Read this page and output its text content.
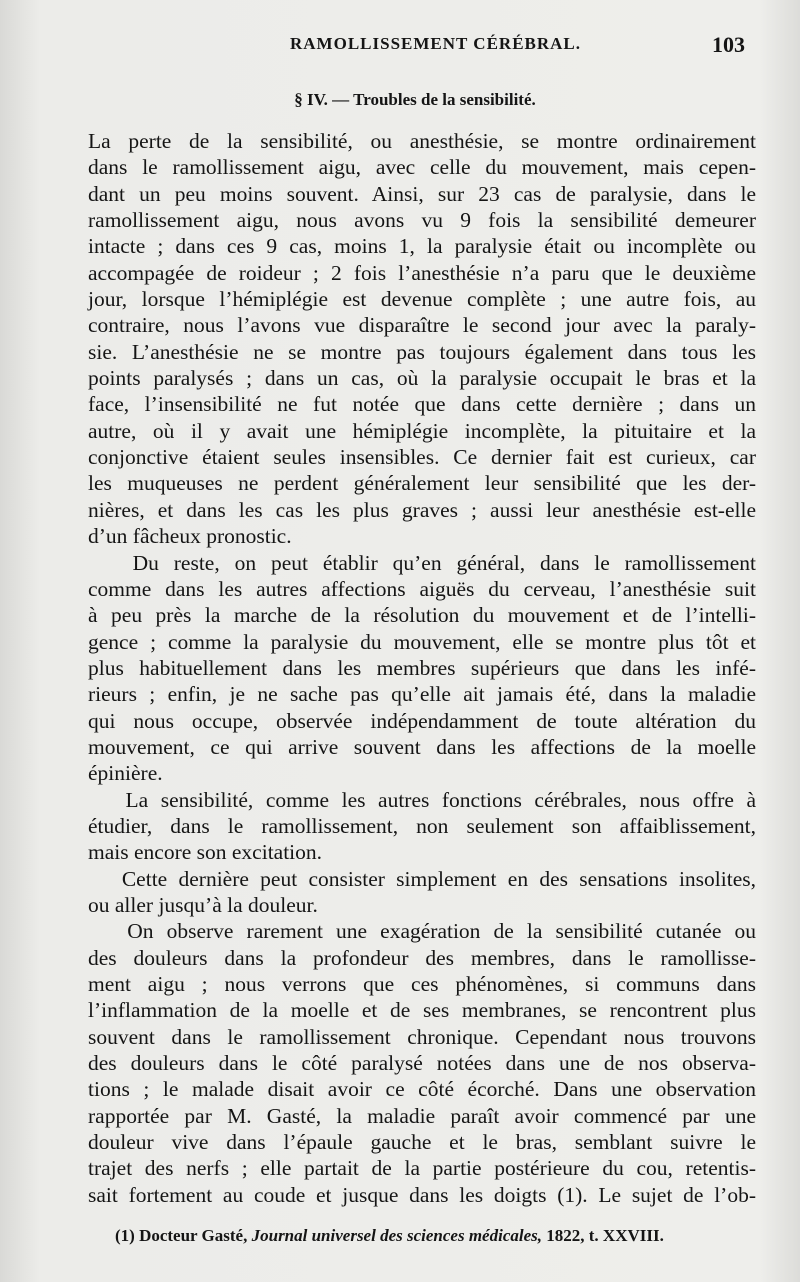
RAMOLLISSEMENT CÉRÉBRAL.	103
§ IV. — Troubles de la sensibilité.
La perte de la sensibilité, ou anesthésie, se montre ordinairement
dans le ramollissement aigu, avec celle du mouvement, mais cepen-
dant un peu moins souvent. Ainsi, sur 23 cas de paralysie, dans le
ramollissement aigu, nous avons vu 9 fois la sensibilité demeurer
intacte ; dans ces 9 cas, moins 1, la paralysie était ou incomplète ou
accompagée de roideur ; 2 fois l’anesthésie n’a paru que le deuxième
jour, lorsque l’hémiplégie est devenue complète ; une autre fois, au
contraire, nous l’avons vue disparaître le second jour avec la paraly-
sie. L’anesthésie ne se montre pas toujours également dans tous les
points paralysés ; dans un cas, où la paralysie occupait le bras et la
face, l’insensibilité ne fut notée que dans cette dernière ; dans un
autre, où il y avait une hémiplégie incomplète, la pituitaire et la
conjonctive étaient seules insensibles. Ce dernier fait est curieux, car
les muqueuses ne perdent généralement leur sensibilité que les der-
nières, et dans les cas les plus graves ; aussi leur anesthésie est-elle
d’un fâcheux pronostic.
Du reste, on peut établir qu’en général, dans le ramollissement
comme dans les autres affections aiguës du cerveau, l’anesthésie suit
à peu près la marche de la résolution du mouvement et de l’intelli-
gence ; comme la paralysie du mouvement, elle se montre plus tôt et
plus habituellement dans les membres supérieurs que dans les infé-
rieurs ; enfin, je ne sache pas qu’elle ait jamais été, dans la maladie
qui nous occupe, observée indépendamment de toute altération du
mouvement, ce qui arrive souvent dans les affections de la moelle
épinière.
La sensibilité, comme les autres fonctions cérébrales, nous offre à
étudier, dans le ramollissement, non seulement son affaiblissement,
mais encore son excitation.
Cette dernière peut consister simplement en des sensations insolites,
ou aller jusqu’à la douleur.
On observe rarement une exagération de la sensibilité cutanée ou
des douleurs dans la profondeur des membres, dans le ramollisse-
ment aigu ; nous verrons que ces phénomènes, si communs dans
l’inflammation de la moelle et de ses membranes, se rencontrent plus
souvent dans le ramollissement chronique. Cependant nous trouvons
des douleurs dans le côté paralysé notées dans une de nos observa-
tions ; le malade disait avoir ce côté écorché. Dans une observation
rapportée par M. Gasté, la maladie paraît avoir commencé par une
douleur vive dans l’épaule gauche et le bras, semblant suivre le
trajet des nerfs ; elle partait de la partie postérieure du cou, retentis-
sait fortement au coude et jusque dans les doigts (1). Le sujet de l’ob-
(1) Docteur Gasté, Journal universel des sciences médicales, 1822, t. XXVIII.
